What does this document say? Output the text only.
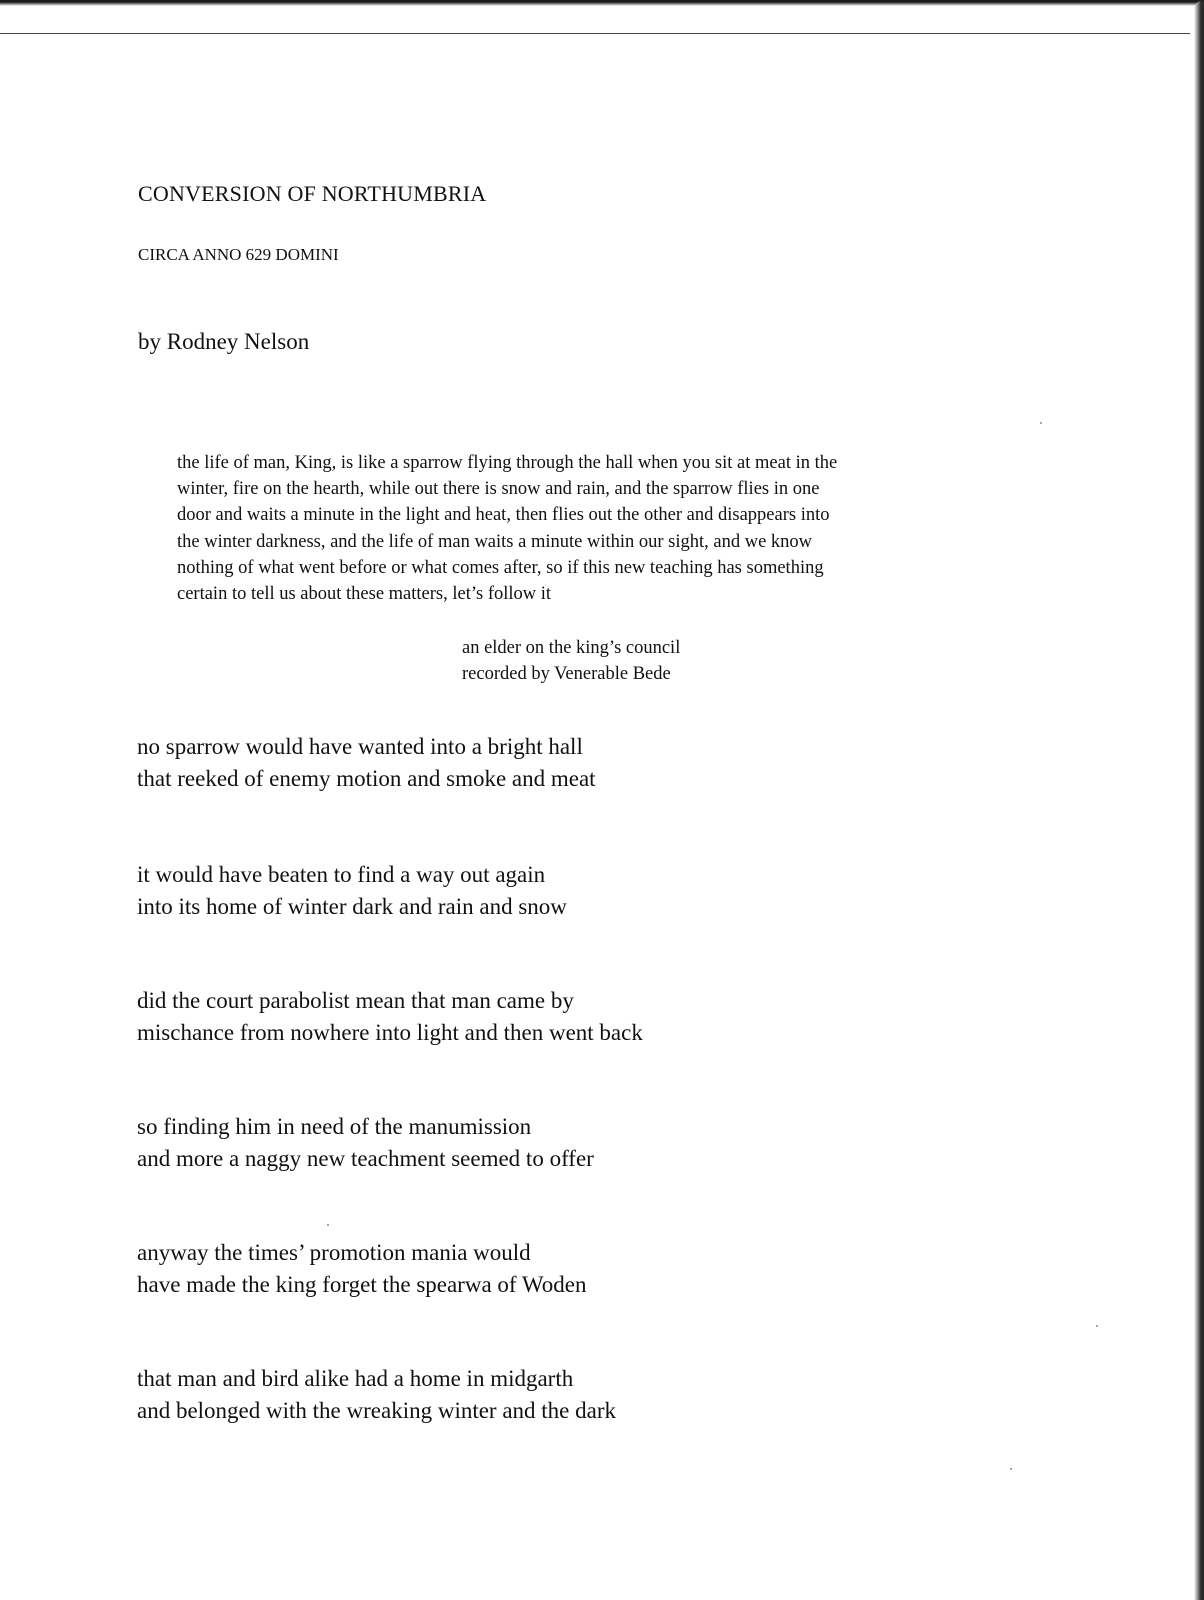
CONVERSION OF NORTHUMBRIA
CIRCA ANNO 629 DOMINI
by Rodney Nelson
the life of man, King, is like a sparrow flying through the hall when you sit at meat in the
winter, fire on the hearth, while out there is snow and rain, and the sparrow flies in one
door and waits a minute in the light and heat, then flies out the other and disappears into
the winter darkness, and the life of man waits a minute within our sight, and we know
nothing of what went before or what comes after, so if this new teaching has something
certain to tell us about these matters, let’s follow it
an elder on the king’s council
recorded by Venerable Bede
no sparrow would have wanted into a bright hall
that reeked of enemy motion and smoke and meat
it would have beaten to find a way out again
into its home of winter dark and rain and snow
did the court parabolist mean that man came by
mischance from nowhere into light and then went back
so finding him in need of the manumission
and more a naggy new teachment seemed to offer
anyway the times’ promotion mania would
have made the king forget the spearwa of Woden
that man and bird alike had a home in midgarth
and belonged with the wreaking winter and the dark
